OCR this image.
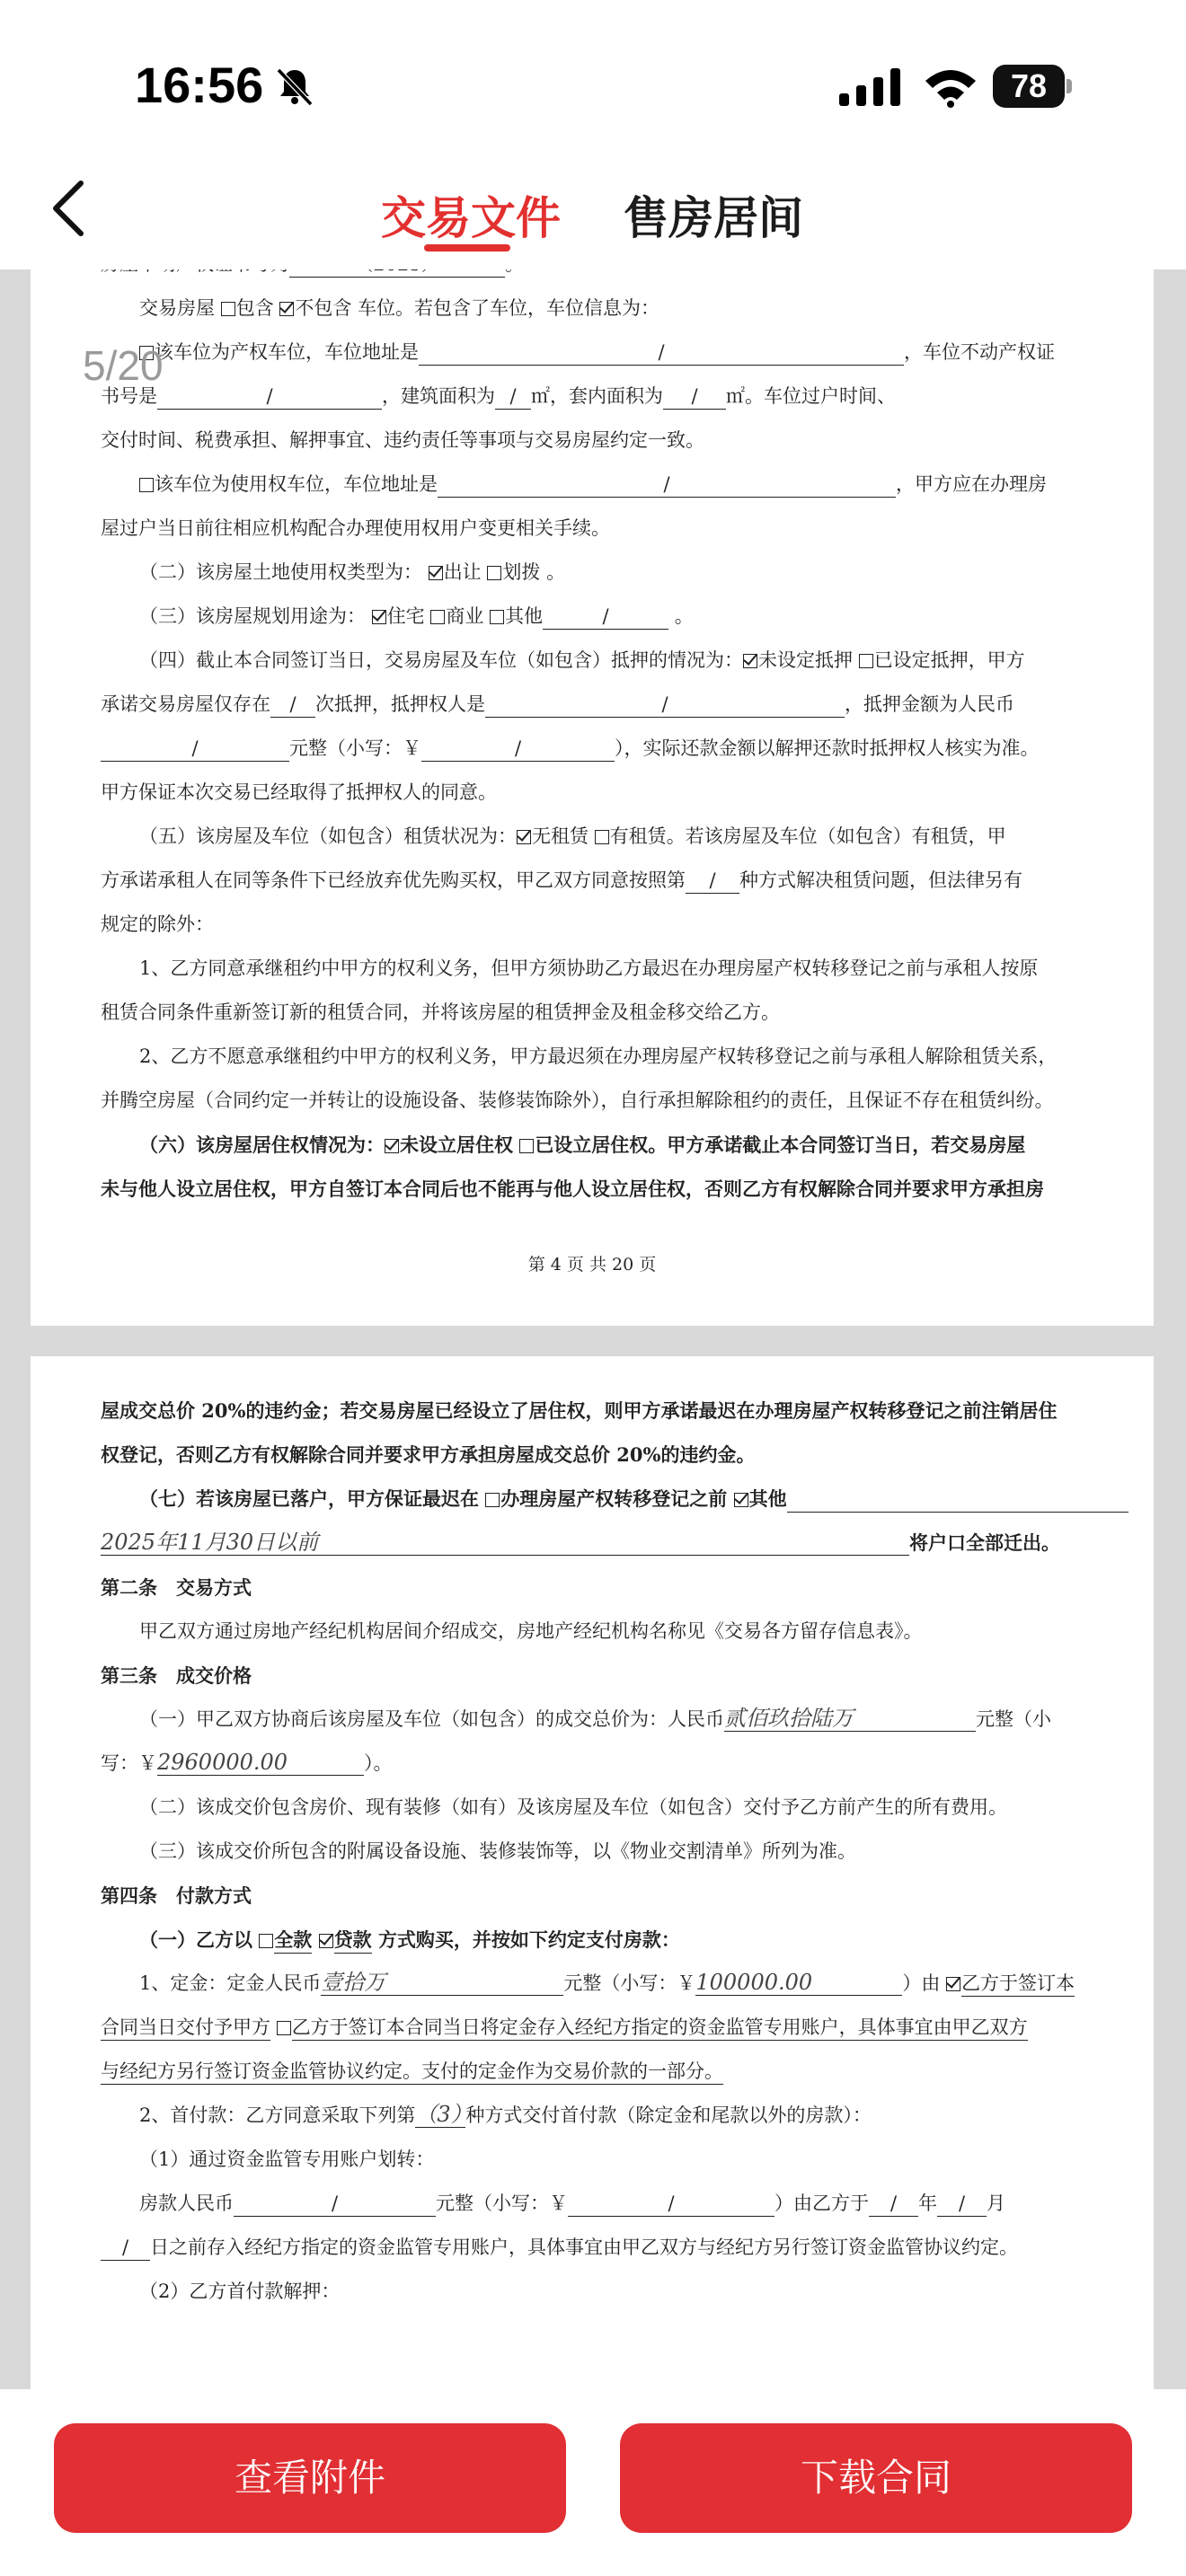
16:56	78
交易文件 售房居间
5/20

交易房屋 包含 不包含 车位。若包含了车位，车位信息为：

该车位为产权车位，车位地址是	/	，车位不动产权证

书号是	/	，建筑面积为 / ㎡，套内面积为 / ㎡。车位过户时间、

交付时间、税费承担、解押事宜、违约责任等事项与交易房屋约定一致。

该车位为使用权车位，车位地址是	/	，甲方应在办理房

屋过户当日前往相应机构配合办理使用权用户变更相关手续。

（二）该房屋土地使用权类型为： 出让 划拨 。

（三）该房屋规划用途为： 住宅 商业 其他	/	。

（四）截止本合同签订当日，交易房屋及车位（如包含）抵押的情况为： 未设定抵押 已设定抵押，甲方

承诺交易房屋仅存在 / 次抵押，抵押权人是	/	，抵押金额为人民币

/	元整（小写：￥	/	），实际还款金额以解押还款时抵押权人核实为准。

甲方保证本次交易已经取得了抵押权人的同意。

（五）该房屋及车位（如包含）租赁状况为： 无租赁 有租赁。若该房屋及车位（如包含）有租赁，甲

方承诺承租人在同等条件下已经放弃优先购买权，甲乙双方同意按照第 / 种方式解决租赁问题，但法律另有

规定的除外：

1、乙方同意承继租约中甲方的权利义务，但甲方须协助乙方最迟在办理房屋产权转移登记之前与承租人按原

租赁合同条件重新签订新的租赁合同，并将该房屋的租赁押金及租金移交给乙方。

2、乙方不愿意承继租约中甲方的权利义务，甲方最迟须在办理房屋产权转移登记之前与承租人解除租赁关系，

并腾空房屋（合同约定一并转让的设施设备、装修装饰除外），自行承担解除租约的责任，且保证不存在租赁纠纷。

（六）该房屋居住权情况为： 未设立居住权 已设立居住权。甲方承诺截止本合同签订当日，若交易房屋

未与他人设立居住权，甲方自签订本合同后也不能再与他人设立居住权，否则乙方有权解除合同并要求甲方承担房

第 4 页 共 20 页

屋成交总价 20%的违约金；若交易房屋已经设立了居住权，则甲方承诺最迟在办理房屋产权转移登记之前注销居住

权登记，否则乙方有权解除合同并要求甲方承担房屋成交总价 20%的违约金。

（七）若该房屋已落户，甲方保证最迟在 办理房屋产权转移登记之前 其他

2025年11月30日以前	将户口全部迁出。

第二条　交易方式

甲乙双方通过房地产经纪机构居间介绍成交，房地产经纪机构名称见《交易各方留存信息表》。

第三条　成交价格

（一）甲乙双方协商后该房屋及车位（如包含）的成交总价为：人民币贰佰玖拾陆万	元整（小

写：￥2960000.00	）。

（二）该成交价包含房价、现有装修（如有）及该房屋及车位（如包含）交付予乙方前产生的所有费用。

（三）该成交价所包含的附属设备设施、装修装饰等，以《物业交割清单》所列为准。

第四条　付款方式

（一）乙方以 全款 贷款 方式购买，并按如下约定支付房款：

1、定金：定金人民币壹拾万	元整（小写：￥100000.00	）由 乙方于签订本

合同当日交付予甲方 乙方于签订本合同当日将定金存入经纪方指定的资金监管专用账户，具体事宜由甲乙双方

与经纪方另行签订资金监管协议约定。支付的定金作为交易价款的一部分。

2、首付款：乙方同意采取下列第（3）种方式交付首付款（除定金和尾款以外的房款）：

（1）通过资金监管专用账户划转：

房款人民币	/	元整（小写：￥	/	）由乙方于 / 年 / 月

/ 日之前存入经纪方指定的资金监管专用账户，具体事宜由甲乙双方与经纪方另行签订资金监管协议约定。

（2）乙方首付款解押：

查看附件	下载合同
